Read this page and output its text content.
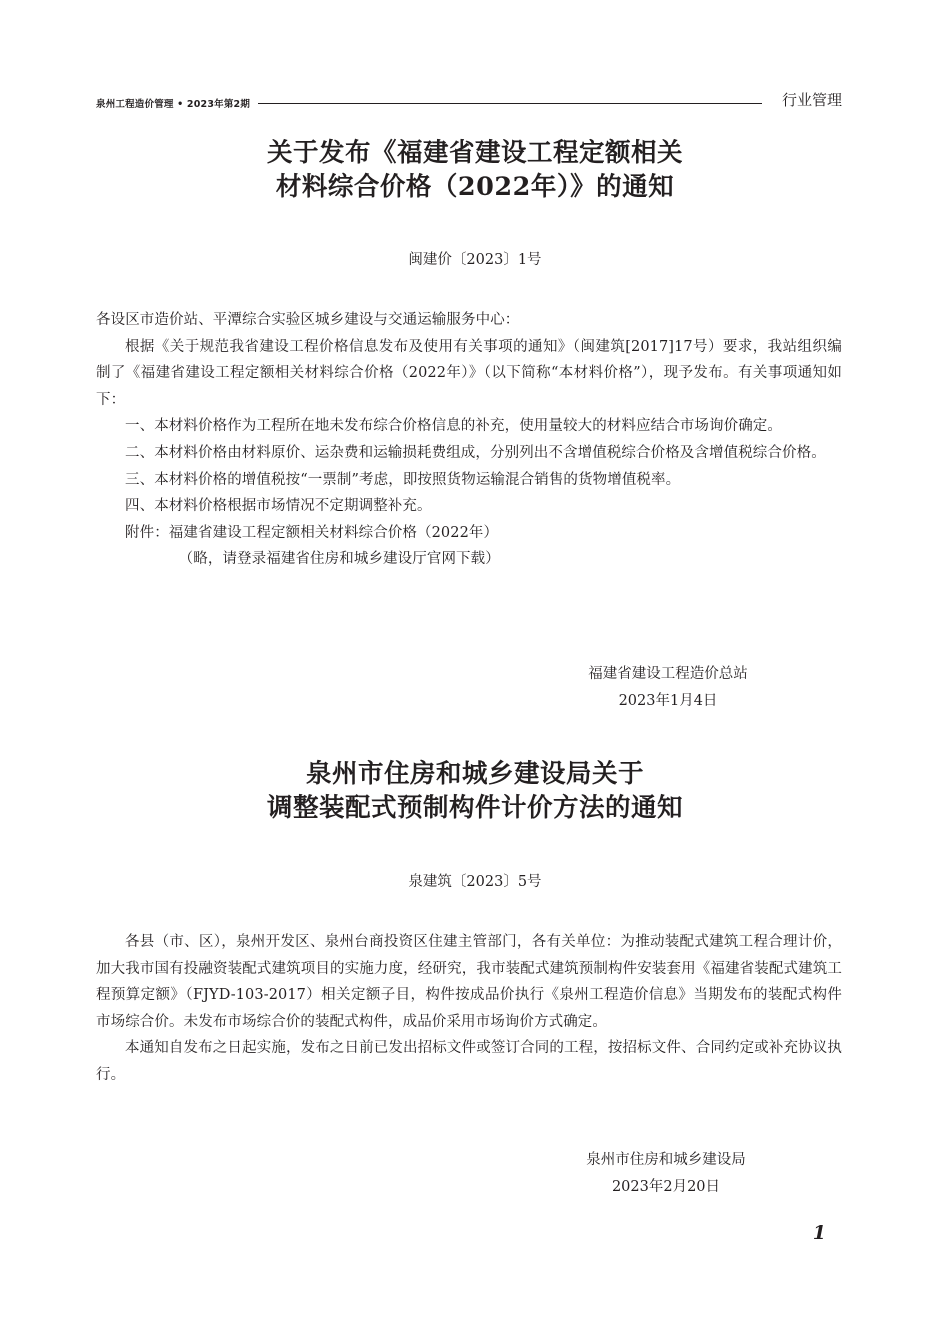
泉州工程造价管理 • 2023年第2期	行业管理
关于发布《福建省建设工程定额相关
材料综合价格（2022年）》的通知
闽建价〔2023〕1号

各设区市造价站、平潭综合实验区城乡建设与交通运输服务中心：

根据《关于规范我省建设工程价格信息发布及使用有关事项的通知》（闽建筑[2017]17号）要求，我站组织编制了《福建省建设工程定额相关材料综合价格（2022年）》（以下简称“本材料价格”），现予发布。有关事项通知如下：

一、本材料价格作为工程所在地未发布综合价格信息的补充，使用量较大的材料应结合市场询价确定。

二、本材料价格由材料原价、运杂费和运输损耗费组成，分别列出不含增值税综合价格及含增值税综合价格。

三、本材料价格的增值税按“一票制”考虑，即按照货物运输混合销售的货物增值税率。

四、本材料价格根据市场情况不定期调整补充。

附件：福建省建设工程定额相关材料综合价格（2022年）

（略，请登录福建省住房和城乡建设厅官网下载）

福建省建设工程造价总站
2023年1月4日
泉州市住房和城乡建设局关于
调整装配式预制构件计价方法的通知
泉建筑〔2023〕5号

各县（市、区），泉州开发区、泉州台商投资区住建主管部门，各有关单位：为推动装配式建筑工程合理计价，加大我市国有投融资装配式建筑项目的实施力度，经研究，我市装配式建筑预制构件安装套用《福建省装配式建筑工程预算定额》（FJYD-103-2017）相关定额子目，构件按成品价执行《泉州工程造价信息》当期发布的装配式构件市场综合价。未发布市场综合价的装配式构件，成品价采用市场询价方式确定。

本通知自发布之日起实施，发布之日前已发出招标文件或签订合同的工程，按招标文件、合同约定或补充协议执行。

泉州市住房和城乡建设局
2023年2月20日
1
